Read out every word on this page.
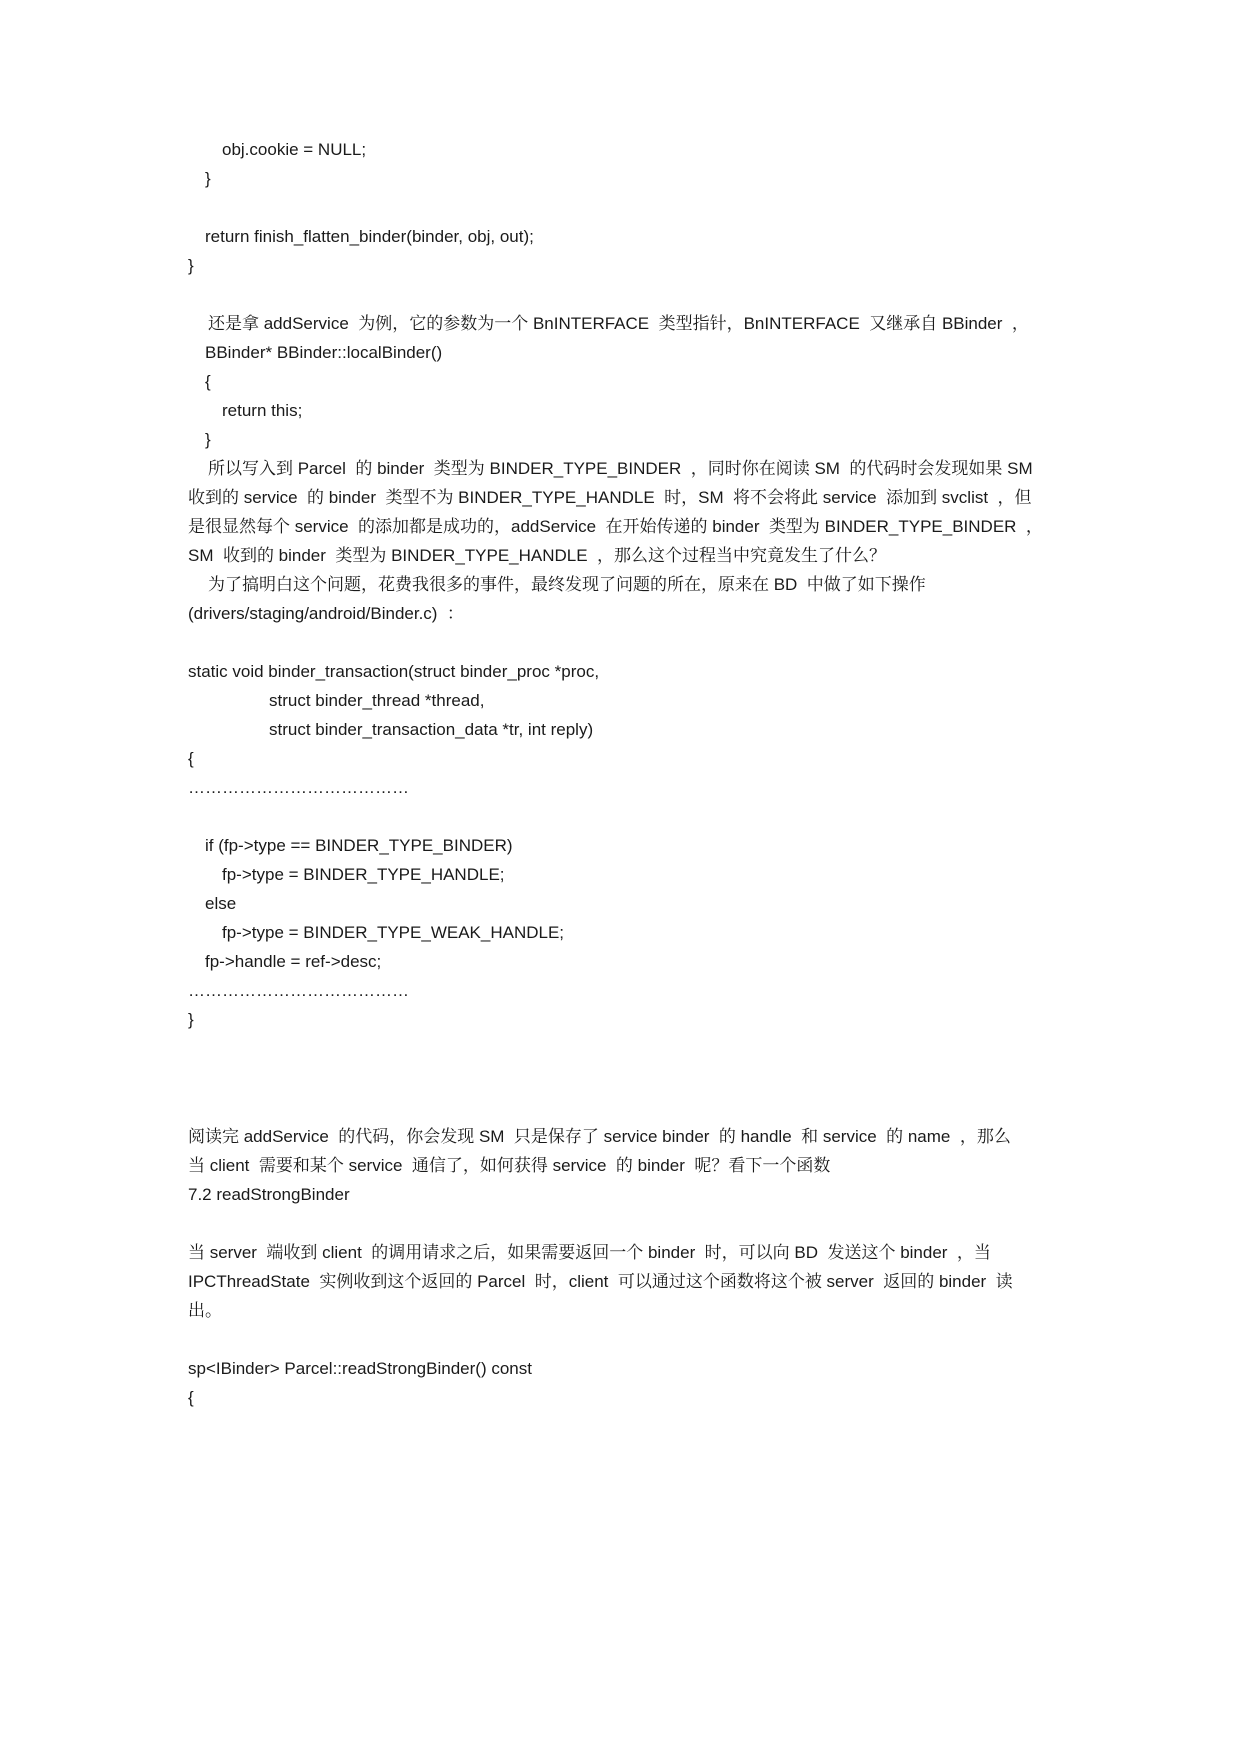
obj.cookie = NULL;
}
return finish_flatten_binder(binder, obj, out);
}
还是拿 addService  为例，它的参数为一个 BnINTERFACE  类型指针，BnINTERFACE  又继承自 BBinder  ，
BBinder* BBinder::localBinder()
{
return this;
}
所以写入到 Parcel  的 binder  类型为 BINDER_TYPE_BINDER  ，同时你在阅读 SM  的代码时会发现如果 SM
收到的 service  的 binder  类型不为 BINDER_TYPE_HANDLE  时，SM  将不会将此 service  添加到 svclist  ，但
是很显然每个 service  的添加都是成功的，addService  在开始传递的 binder  类型为 BINDER_TYPE_BINDER  ，
SM  收到的 binder  类型为 BINDER_TYPE_HANDLE  ，那么这个过程当中究竟发生了什么？
为了搞明白这个问题，花费我很多的事件，最终发现了问题的所在，原来在 BD  中做了如下操作
(drivers/staging/android/Binder.c)  ：
static void binder_transaction(struct binder_proc *proc,
struct binder_thread *thread,
struct binder_transaction_data *tr, int reply)
{
…………………………………
if (fp->type == BINDER_TYPE_BINDER)
fp->type = BINDER_TYPE_HANDLE;
else
fp->type = BINDER_TYPE_WEAK_HANDLE;
fp->handle = ref->desc;
…………………………………
}
阅读完 addService  的代码，你会发现 SM  只是保存了 service binder  的 handle  和 service  的 name  ，那么
当 client  需要和某个 service  通信了，如何获得 service  的 binder  呢？看下一个函数
7.2 readStrongBinder
当 server  端收到 client  的调用请求之后，如果需要返回一个 binder  时，可以向 BD  发送这个 binder  ，当
IPCThreadState  实例收到这个返回的 Parcel  时，client  可以通过这个函数将这个被 server  返回的 binder  读
出。
sp<IBinder> Parcel::readStrongBinder() const
{
